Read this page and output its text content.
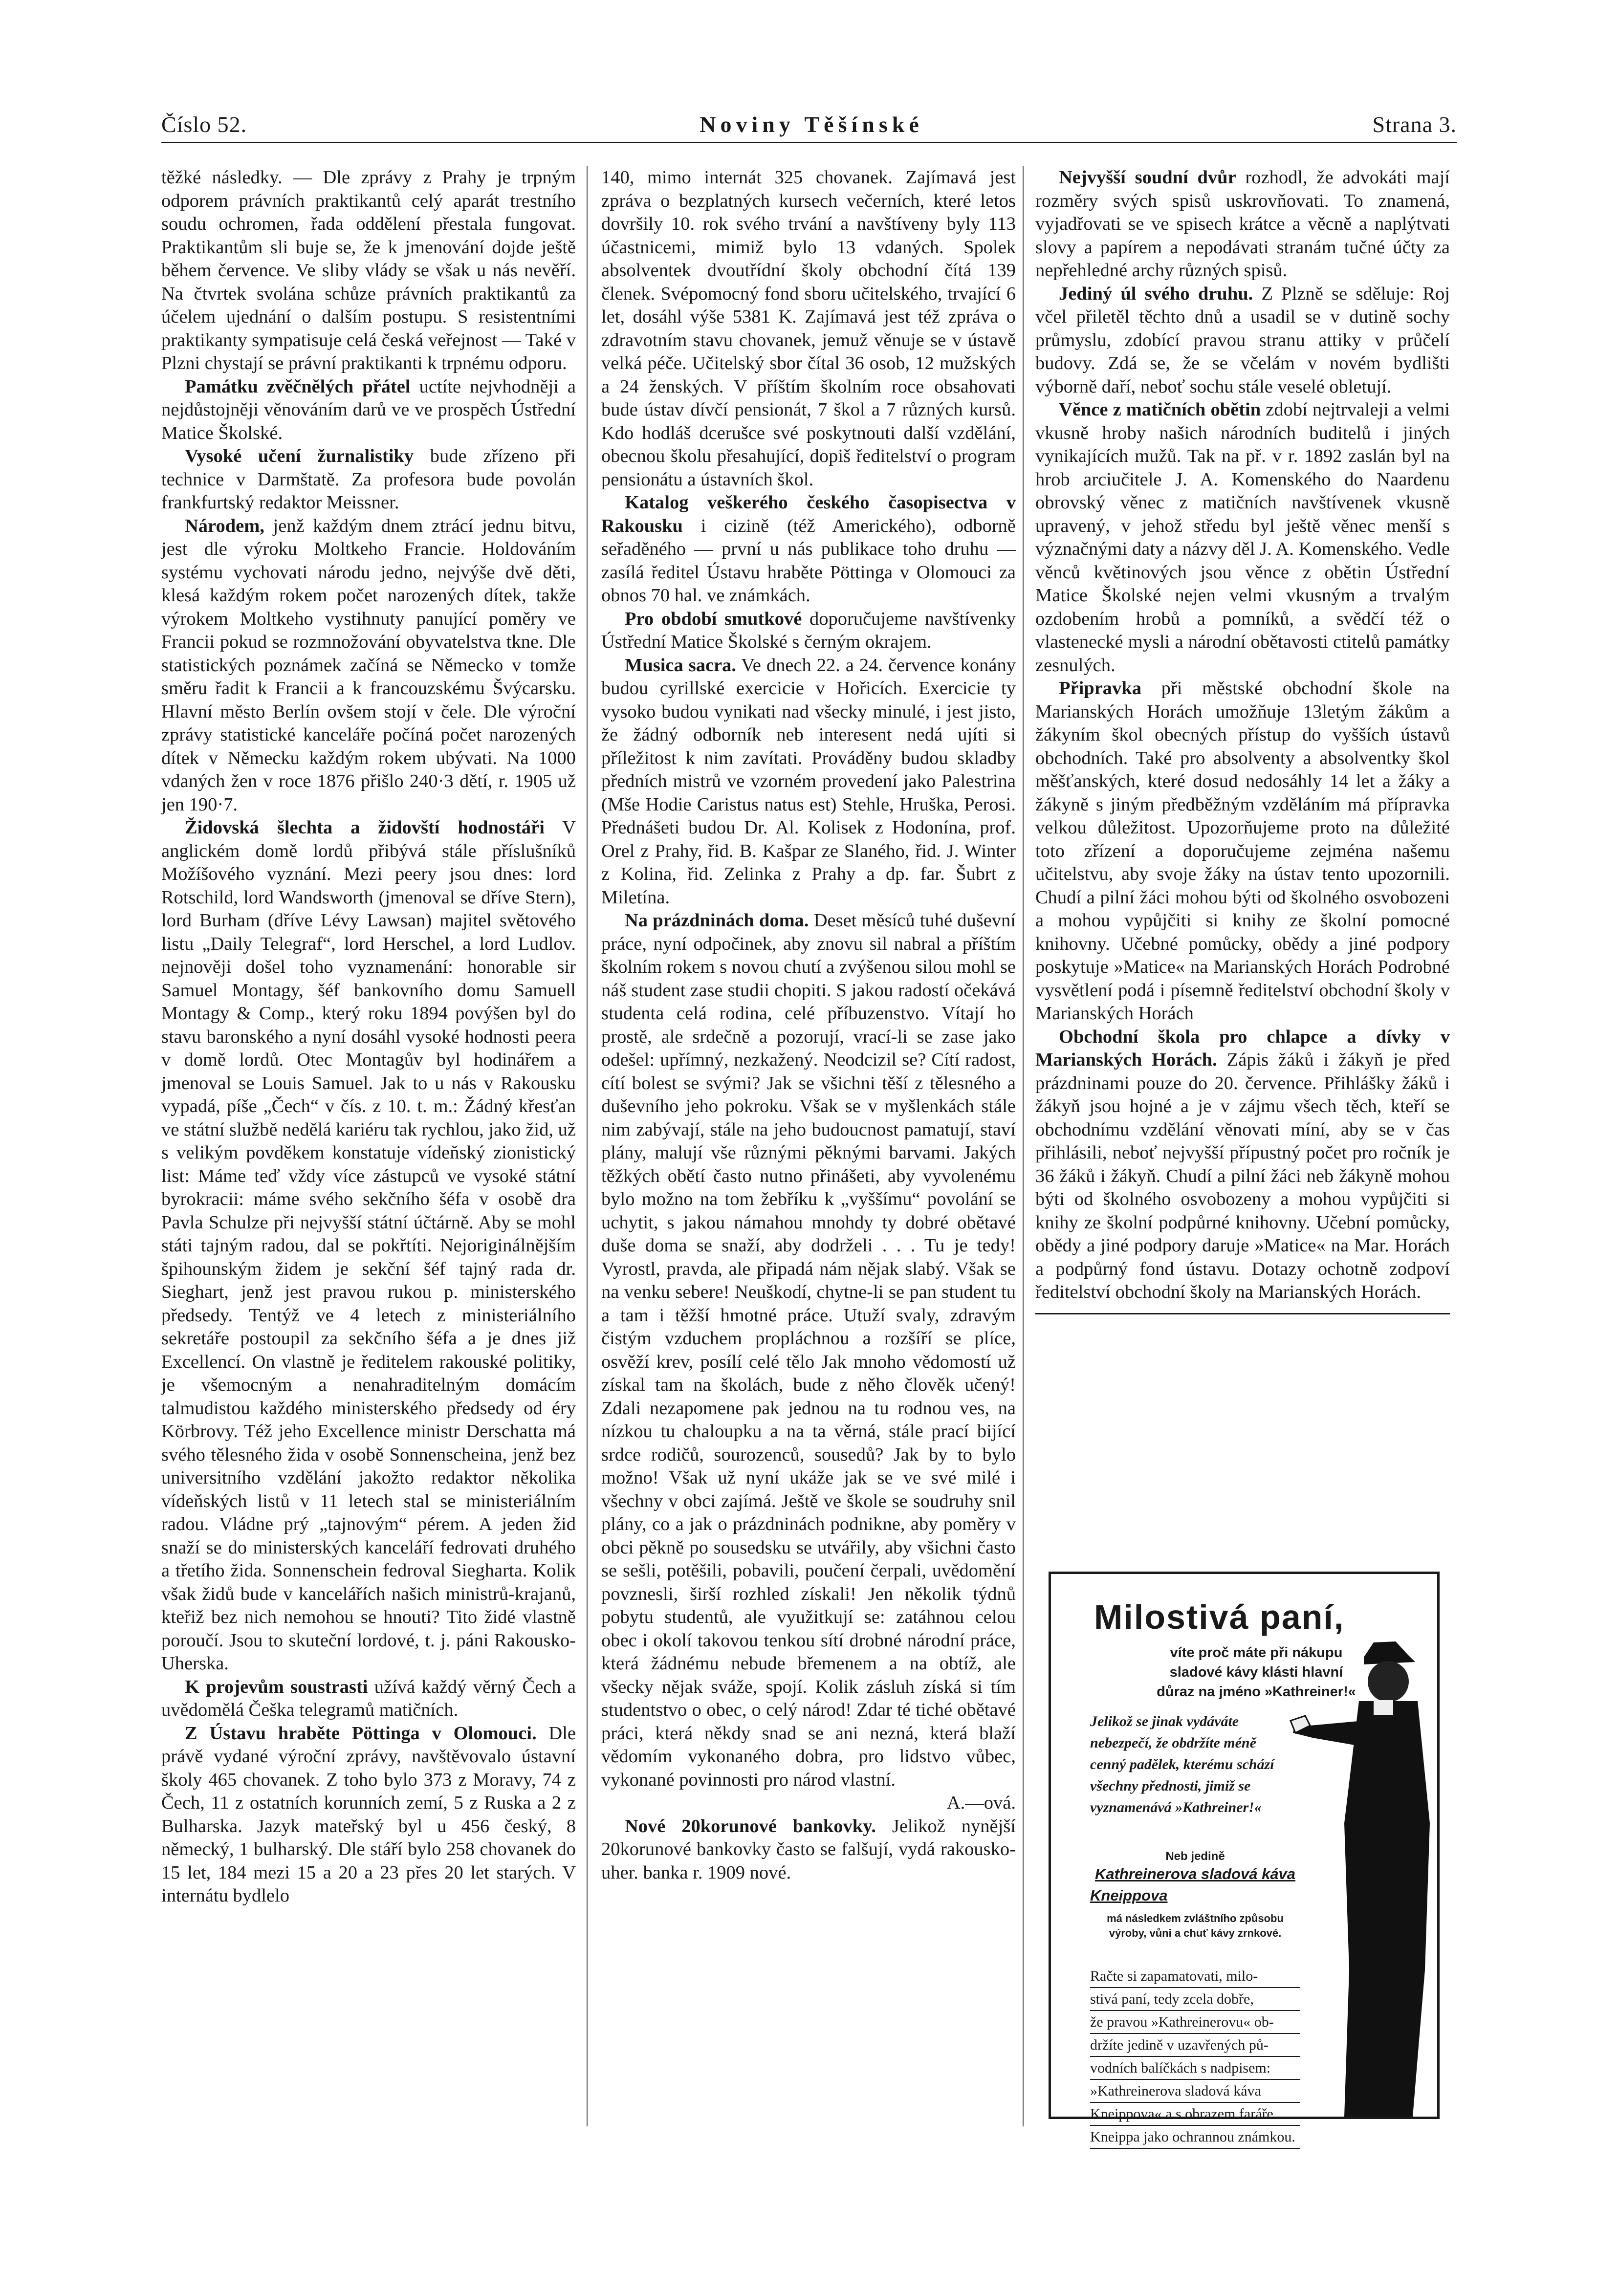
Číslo 52.	Noviny Těšínské	Strana 3.

těžké následky. — Dle zprávy z Prahy je trpným odporem právních praktikantů celý aparát trestního soudu ochromen, řada oddělení přestala fungovat. Praktikantům sli buje se, že k jmenování dojde ještě během července. Ve sliby vlády se však u nás nevěří. Na čtvrtek svolána schůze právních praktikantů za účelem ujednání o dalším postupu. S resistentními praktikanty sympatisuje celá česká veřejnost — Také v Plzni chystají se právní praktikanti k trpnému odporu.

Památku zvěčnělých přátel uctíte nejvhodněji a nejdůstojněji věnováním darů ve ve prospěch Ústřední Matice Školské.

Vysoké učení žurnalistiky bude zřízeno při technice v Darmštatě. Za profesora bude povolán frankfurtský redaktor Meissner.

Národem, jenž každým dnem ztrácí jednu bitvu, jest dle výroku Moltkeho Francie. Holdováním systému vychovati národu jedno, nejvýše dvě děti, klesá každým rokem počet narozených dítek, takže výrokem Moltkeho vystihnuty panující poměry ve Francii pokud se rozmnožování obyvatelstva tkne. Dle statistických poznámek začíná se Německo v tomže směru řadit k Francii a k francouzskému Švýcarsku. Hlavní město Berlín ovšem stojí v čele. Dle výroční zprávy statistické kanceláře počíná počet narozených dítek v Německu každým rokem ubývati. Na 1000 vdaných žen v roce 1876 přišlo 240·3 dětí, r. 1905 už jen 190·7.

Židovská šlechta a židovští hodnostáři V anglickém domě lordů přibývá stále příslušníků Možíšového vyznání. Mezi peery jsou dnes: lord Rotschild, lord Wandsworth (jmenoval se dříve Stern), lord Burham (dříve Lévy Lawsan) majitel světového listu „Daily Telegraf“, lord Herschel, a lord Ludlov. nejnověji došel toho vyznamenání: honorable sir Samuel Montagy, šéf bankovního domu Samuell Montagy & Comp., který roku 1894 povýšen byl do stavu baronského a nyní dosáhl vysoké hodnosti peera v domě lordů. Otec Montagův byl hodinářem a jmenoval se Louis Samuel. Jak to u nás v Rakousku vypadá, píše „Čech“ v čís. z 10. t. m.: Žádný křesťan ve státní službě nedělá kariéru tak rychlou, jako žid, už s velikým povděkem konstatuje vídeňský zionistický list: Máme teď vždy více zástupců ve vysoké státní byrokracii: máme svého sekčního šéfa v osobě dra Pavla Schulze při nejvyšší státní účtárně. Aby se mohl státi tajným radou, dal se pokřtíti. Nejoriginálnějším špihounským židem je sekční šéf tajný rada dr. Sieghart, jenž jest pravou rukou p. ministerského předsedy. Tentýž ve 4 letech z ministeriálního sekretáře postoupil za sekčního šéfa a je dnes již Excellencí. On vlastně je ředitelem rakouské politiky, je všemocným a nenahraditelným domácím talmudistou každého ministerského předsedy od éry Körbrovy. Též jeho Excellence ministr Derschatta má svého tělesného žida v osobě Sonnenscheina, jenž bez universitního vzdělání jakožto redaktor několika vídeňských listů v 11 letech stal se ministeriálním radou. Vládne prý „tajnovým“ pérem. A jeden žid snaží se do ministerských kanceláří fedrovati druhého a třetího žida. Sonnenschein fedroval Siegharta. Kolik však židů bude v kancelářích našich ministrů-krajanů, kteřiž bez nich nemohou se hnouti? Tito židé vlastně poroučí. Jsou to skuteční lordové, t. j. páni Rakousko-Uherska.

K projevům soustrasti užívá každý věrný Čech a uvědomělá Češka telegramů matičních.

Z Ústavu hraběte Pöttinga v Olomouci. Dle právě vydané výroční zprávy, navštěvovalo ústavní školy 465 chovanek. Z toho bylo 373 z Moravy, 74 z Čech, 11 z ostatních korunních zemí, 5 z Ruska a 2 z Bulharska. Jazyk mateřský byl u 456 český, 8 německý, 1 bulharský. Dle stáří bylo 258 chovanek do 15 let, 184 mezi 15 a 20 a 23 přes 20 let starých. V internátu bydlelo

140, mimo internát 325 chovanek. Zajímavá jest zpráva o bezplatných kursech večerních, které letos dovršily 10. rok svého trvání a navštíveny byly 113 účastnicemi, mimiž bylo 13 vdaných. Spolek absolventek dvoutřídní školy obchodní čítá 139 členek. Svépomocný fond sboru učitelského, trvající 6 let, dosáhl výše 5381 K. Zajímavá jest též zpráva o zdravotním stavu chovanek, jemuž věnuje se v ústavě velká péče. Učitelský sbor čítal 36 osob, 12 mužských a 24 ženských. V příštím školním roce obsahovati bude ústav dívčí pensionát, 7 škol a 7 různých kursů. Kdo hodláš dcerušce své poskytnouti další vzdělání, obecnou školu přesahující, dopiš ředitelství o program pensionátu a ústavních škol.

Katalog veškerého českého časopisectva v Rakousku i cizině (též Amerického), odborně seřaděného — první u nás publikace toho druhu — zasílá ředitel Ústavu hraběte Pöttinga v Olomouci za obnos 70 hal. ve známkách.

Pro období smutkové doporučujeme navštívenky Ústřední Matice Školské s černým okrajem.

Musica sacra. Ve dnech 22. a 24. července konány budou cyrillské exercicie v Hořicích. Exercicie ty vysoko budou vynikati nad všecky minulé, i jest jisto, že žádný odborník neb interesent nedá ujíti si příležitost k nim zavítati. Prováděny budou skladby předních mistrů ve vzorném provedení jako Palestrina (Mše Hodie Caristus natus est) Stehle, Hruška, Perosi. Přednášeti budou Dr. Al. Kolisek z Hodonína, prof. Orel z Prahy, řid. B. Kašpar ze Slaného, řid. J. Winter z Kolina, řid. Zelinka z Prahy a dp. far. Šubrt z Miletína.

Na prázdninách doma. Deset měsíců tuhé duševní práce, nyní odpočinek, aby znovu sil nabral a příštím školním rokem s novou chutí a zvýšenou silou mohl se náš student zase studii chopiti. S jakou radostí očekává studenta celá rodina, celé příbuzenstvo. Vítají ho prostě, ale srdečně a pozorují, vrací-li se zase jako odešel: upřímný, nezkažený. Neodcizil se? Cítí radost, cítí bolest se svými? Jak se všichni těší z tělesného a duševního jeho pokroku. Však se v myšlenkách stále nim zabývají, stále na jeho budoucnost pamatují, staví plány, malují vše různými pěknými barvami. Jakých těžkých obětí často nutno přinášeti, aby vyvolenému bylo možno na tom žebříku k „vyššímu“ povolání se uchytit, s jakou námahou mnohdy ty dobré obětavé duše doma se snaží, aby dodrželi . . . Tu je tedy! Vyrostl, pravda, ale připadá nám nějak slabý. Však se na venku sebere! Neuškodí, chytne-li se pan student tu a tam i těžší hmotné práce. Utuží svaly, zdravým čistým vzduchem propláchnou a rozšíří se plíce, osvěží krev, posílí celé tělo Jak mnoho vědomostí už získal tam na školách, bude z něho člověk učený! Zdali nezapomene pak jednou na tu rodnou ves, na nízkou tu chaloupku a na ta věrná, stále prací bijící srdce rodičů, sourozenců, sousedů? Jak by to bylo možno! Však už nyní ukáže jak se ve své milé i všechny v obci zajímá. Ještě ve škole se soudruhy snil plány, co a jak o prázdninách podnikne, aby poměry v obci pěkně po sousedsku se utvářily, aby všichni často se sešli, potěšili, pobavili, poučení čerpali, uvědomění povznesli, širší rozhled získali! Jen několik týdnů pobytu studentů, ale využitkují se: zatáhnou celou obec i okolí takovou tenkou sítí drobné národní práce, která žádnému nebude břemenem a na obtíž, ale všecky nějak sváže, spojí. Kolik zásluh získá si tím studentstvo o obec, o celý národ! Zdar té tiché obětavé práci, která někdy snad se ani nezná, která blaží vědomím vykonaného dobra, pro lidstvo vůbec, vykonané povinnosti pro národ vlastní.

A.—ová.

Nové 20korunové bankovky. Jelikož nynější 20korunové bankovky často se falšují, vydá rakousko-uher. banka r. 1909 nové.

Nejvyšší soudní dvůr rozhodl, že advokáti mají rozměry svých spisů uskrovňovati. To znamená, vyjadřovati se ve spisech krátce a věcně a naplýtvati slovy a papírem a nepodávati stranám tučné účty za nepřehledné archy různých spisů.

Jediný úl svého druhu. Z Plzně se sděluje: Roj včel přiletěl těchto dnů a usadil se v dutině sochy průmyslu, zdobící pravou stranu attiky v průčelí budovy. Zdá se, že se včelám v novém bydlišti výborně daří, neboť sochu stále veselé obletují.

Věnce z matičních obětin zdobí nejtrvaleji a velmi vkusně hroby našich národních buditelů i jiných vynikajících mužů. Tak na př. v r. 1892 zaslán byl na hrob arciučitele J. A. Komenského do Naardenu obrovský věnec z matičních navštívenek vkusně upravený, v jehož středu byl ještě věnec menší s význačnými daty a názvy děl J. A. Komenského. Vedle věnců květinových jsou věnce z obětin Ústřední Matice Školské nejen velmi vkusným a trvalým ozdobením hrobů a pomníků, a svědčí též o vlastenecké mysli a národní obětavosti ctitelů památky zesnulých.

Připravka při městské obchodní škole na Marianských Horách umožňuje 13letým žákům a žákyním škol obecných přístup do vyšších ústavů obchodních. Také pro absolventy a absolventky škol měšťanských, které dosud nedosáhly 14 let a žáky a žákyně s jiným předběžným vzděláním má přípravka velkou důležitost. Upozorňujeme proto na důležité toto zřízení a doporučujeme zejména našemu učitelstvu, aby svoje žáky na ústav tento upozornili. Chudí a pilní žáci mohou býti od školného osvobozeni a mohou vypůjčiti si knihy ze školní pomocné knihovny. Učebné pomůcky, obědy a jiné podpory poskytuje »Matice« na Marianských Horách Podrobné vysvětlení podá i písemně ředitelství obchodní školy v Marianských Horách

Obchodní škola pro chlapce a dívky v Marianských Horách. Zápis žáků i žákyň je před prázdninami pouze do 20. července. Přihlášky žáků i žákyň jsou hojné a je v zájmu všech těch, kteří se obchodnímu vzdělání věnovati míní, aby se v čas přihlásili, neboť nejvyšší přípustný počet pro ročník je 36 žáků i žákyň. Chudí a pilní žáci neb žákyně mohou býti od školného osvobozeny a mohou vypůjčiti si knihy ze školní podpůrné knihovny. Učební pomůcky, obědy a jiné podpory daruje »Matice« na Mar. Horách a podpůrný fond ústavu. Dotazy ochotně zodpoví ředitelství obchodní školy na Marianských Horách.

Milostivá paní,
víte proč máte při nákupu
sladové kávy klásti hlavní
důraz na jméno »Kathreiner!«
Jelikož se jinak vydáváte nebezpečí, že obdržíte méně cenný padělek, kterému schází všechny přednosti, jimiž se vyznamenává »Kathreiner!«
Neb jedině
Kathreinerova sladová káva
Kneippova
má následkem zvláštního způsobu výroby, vůni a chuť kávy zrnkové.
Račte si zapamatovati, milo-
stivá paní, tedy zcela dobře,
že pravou »Kathreinerovu« ob-
držíte jedině v uzavřených pů-
vodních balíčkách s nadpisem:
»Kathreinerova sladová káva
Kneippova« a s obrazem faráře
Kneippa jako ochrannou známkou.
